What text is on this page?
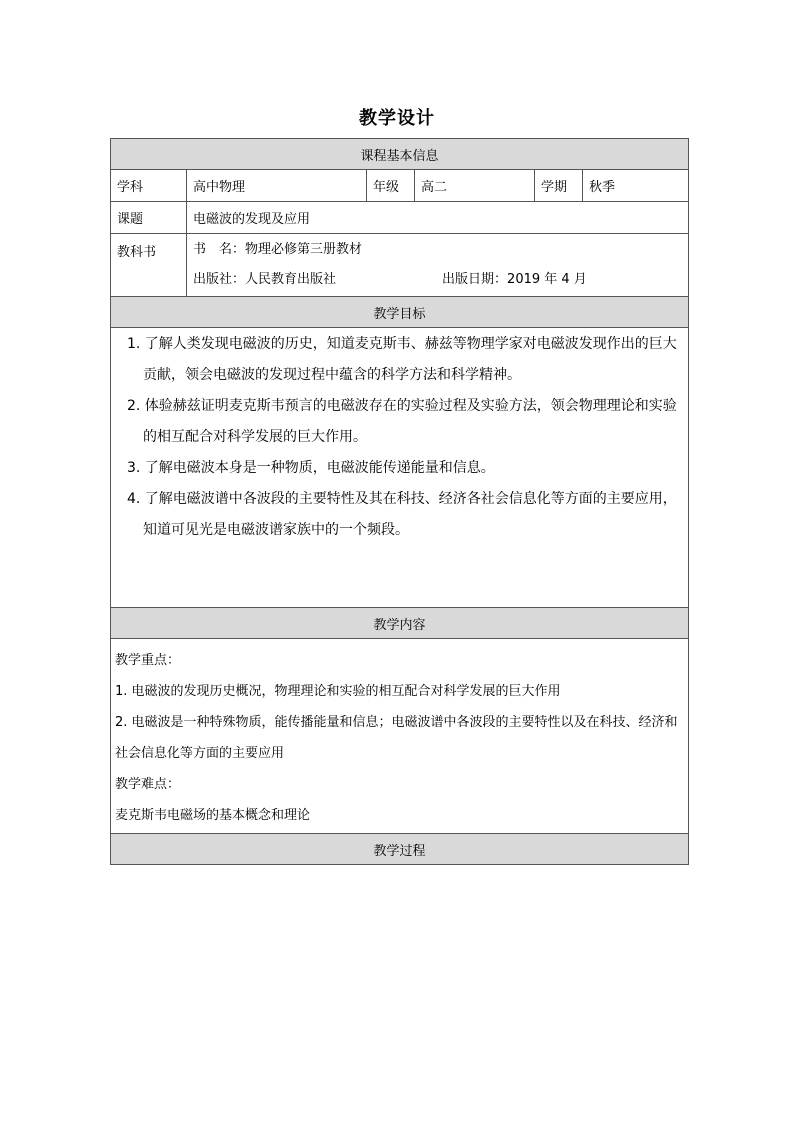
教学设计
课程基本信息					
学科	高中物理	年级	高二	学期	秋季
课题	电磁波的发现及应用				
教科书	书　名：物理必修第三册教材
出版社：人民教育出版社 出版日期：2019 年 4 月				

教学目标					

1. 了解人类发现电磁波的历史，知道麦克斯韦、赫兹等物理学家对电磁波发现作出的巨大贡献，领会电磁波的发现过程中蕴含的科学方法和科学精神。
2. 体验赫兹证明麦克斯韦预言的电磁波存在的实验过程及实验方法，领会物理理论和实验的相互配合对科学发展的巨大作用。
3. 了解电磁波本身是一种物质，电磁波能传递能量和信息。
4. 了解电磁波谱中各波段的主要特性及其在科技、经济各社会信息化等方面的主要应用，知道可见光是电磁波谱家族中的一个频段。					

教学内容					

教学重点：
1. 电磁波的发现历史概况，物理理论和实验的相互配合对科学发展的巨大作用
2. 电磁波是一种特殊物质，能传播能量和信息；电磁波谱中各波段的主要特性以及在科技、经济和社会信息化等方面的主要应用
教学难点：
麦克斯韦电磁场的基本概念和理论					

教学过程					
